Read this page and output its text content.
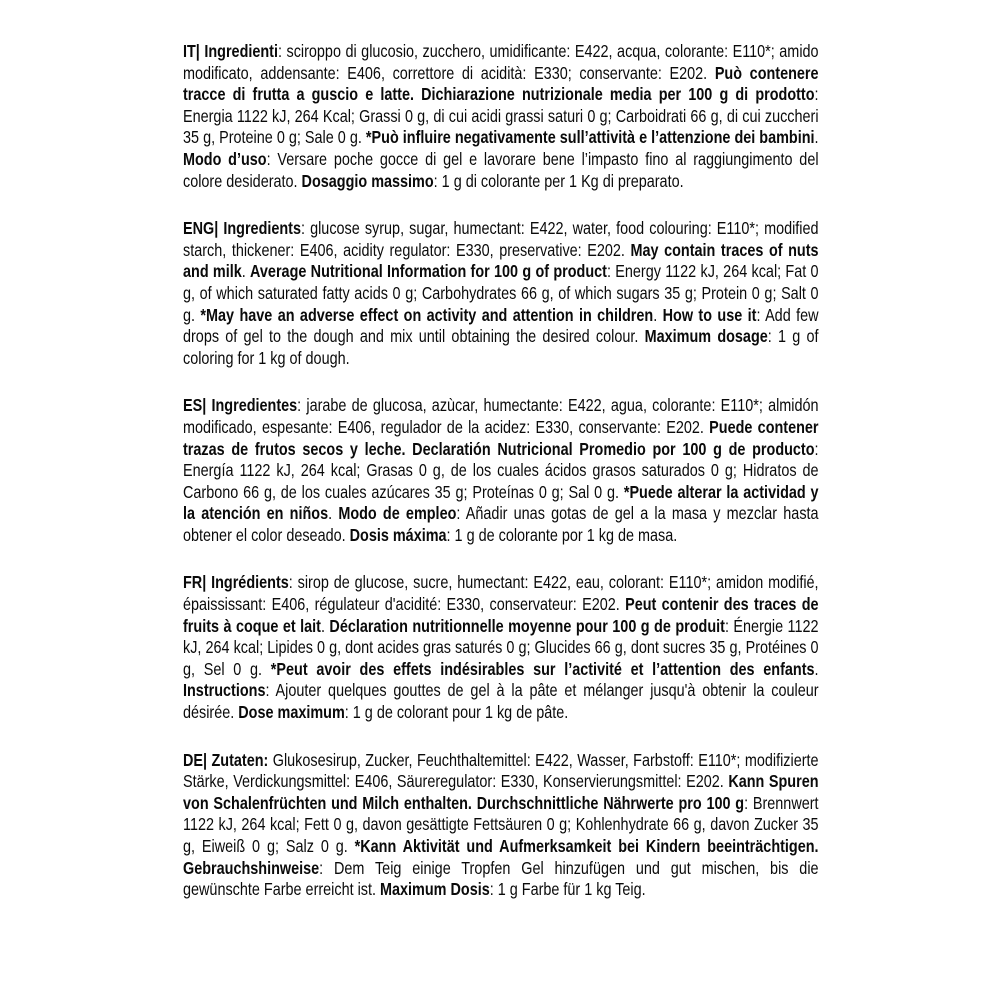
IT| Ingredienti: sciroppo di glucosio, zucchero, umidificante: E422, acqua, colorante: E110*; amido modificato, addensante: E406, correttore di acidità: E330; conservante: E202. Può contenere tracce di frutta a guscio e latte. Dichiarazione nutrizionale media per 100 g di prodotto: Energia 1122 kJ, 264 Kcal; Grassi 0 g, di cui acidi grassi saturi 0 g; Carboidrati 66 g, di cui zuccheri 35 g, Proteine 0 g; Sale 0 g. *Può influire negativamente sull’attività e l’attenzione dei bambini. Modo d’uso: Versare poche gocce di gel e lavorare bene l’impasto fino al raggiungimento del colore desiderato. Dosaggio massimo: 1 g di colorante per 1 Kg di preparato.

ENG| Ingredients: glucose syrup, sugar, humectant: E422, water, food colouring: E110*; modified starch, thickener: E406, acidity regulator: E330, preservative: E202. May contain traces of nuts and milk. Average Nutritional Information for 100 g of product: Energy 1122 kJ, 264 kcal; Fat 0 g, of which saturated fatty acids 0 g; Carbohydrates 66 g, of which sugars 35 g; Protein 0 g; Salt 0 g. *May have an adverse effect on activity and attention in children. How to use it: Add few drops of gel to the dough and mix until obtaining the desired colour. Maximum dosage: 1 g of coloring for 1 kg of dough.

ES| Ingredientes: jarabe de glucosa, azùcar, humectante: E422, agua, colorante: E110*; almidón modificado, espesante: E406, regulador de la acidez: E330, conservante: E202. Puede contener trazas de frutos secos y leche. Declaratión Nutricional Promedio por 100 g de producto: Energía 1122 kJ, 264 kcal; Grasas 0 g, de los cuales ácidos grasos saturados 0 g; Hidratos de Carbono 66 g, de los cuales azúcares 35 g; Proteínas 0 g; Sal 0 g. *Puede alterar la actividad y la atención en niños. Modo de empleo: Añadir unas gotas de gel a la masa y mezclar hasta obtener el color deseado. Dosis máxima: 1 g de colorante por 1 kg de masa.

FR| Ingrédients: sirop de glucose, sucre, humectant: E422, eau, colorant: E110*; amidon modifié, épaississant: E406, régulateur d'acidité: E330, conservateur: E202. Peut contenir des traces de fruits à coque et lait. Déclaration nutritionnelle moyenne pour 100 g de produit: Énergie 1122 kJ, 264 kcal; Lipides 0 g, dont acides gras saturés 0 g; Glucides 66 g, dont sucres 35 g, Protéines 0 g, Sel 0 g. *Peut avoir des effets indésirables sur l’activité et l’attention des enfants. Instructions: Ajouter quelques gouttes de gel à la pâte et mélanger jusqu'à obtenir la couleur désirée. Dose maximum: 1 g de colorant pour 1 kg de pâte.

DE| Zutaten: Glukosesirup, Zucker, Feuchthaltemittel: E422, Wasser, Farbstoff: E110*; modifizierte Stärke, Verdickungsmittel: E406, Säureregulator: E330, Konservierungsmittel: E202. Kann Spuren von Schalenfrüchten und Milch enthalten. Durchschnittliche Nährwerte pro 100 g: Brennwert 1122 kJ, 264 kcal; Fett 0 g, davon gesättigte Fettsäuren 0 g; Kohlenhydrate 66 g, davon Zucker 35 g, Eiweiß 0 g; Salz 0 g. *Kann Aktivität und Aufmerksamkeit bei Kindern beeinträchtigen. Gebrauchshinweise: Dem Teig einige Tropfen Gel hinzufügen und gut mischen, bis die gewünschte Farbe erreicht ist. Maximum Dosis: 1 g Farbe für 1 kg Teig.
